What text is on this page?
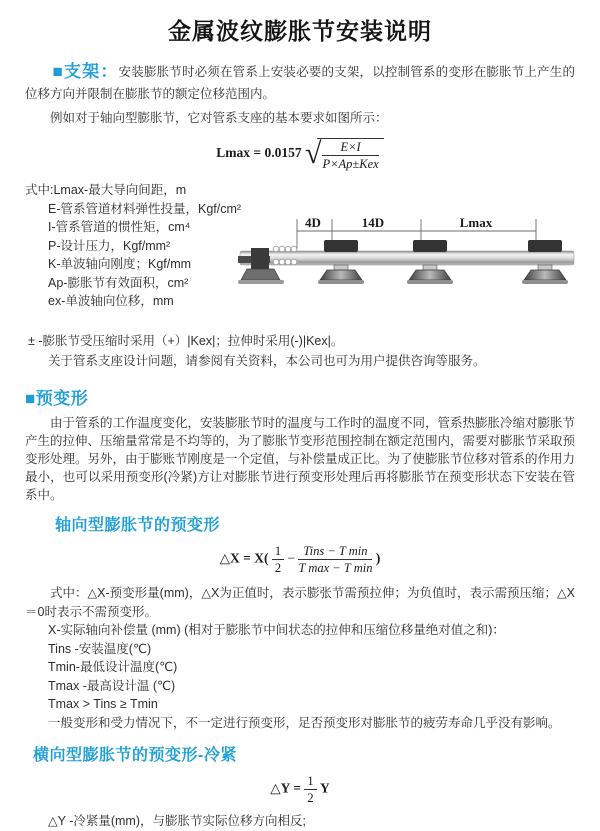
金属波纹膨胀节安装说明

■支架：安装膨胀节时必须在管系上安装必要的支架，以控制管系的变形在膨胀节上产生的位移方向并限制在膨胀节的额定位移范围内。

例如对于轴向型膨胀节，它对管系支座的基本要求如图所示：

Lmax = 0.0157 √ $\frac{E\times I}{\text{P×Ap±Kex}}$
式中:Lmax-最大导向间距，m
E-管系管道材料弹性投量，Kgf/cm²
I-管系管道的惯性矩，cm⁴
P-设计压力，Kgf/mm²
K-单波轴向刚度；Kgf/mm
Ap-膨胀节有效面积，cm²
ex-单波轴向位移，mm
4D	14D	Lmax
± -膨胀节受压缩时采用（+）|Kex|；拉伸时采用(-)|Kex|。
关于管系支座设计问题，请参阅有关资料，本公司也可为用户提供咨询等服务。
■预变形

由于管系的工作温度变化，安装膨胀节时的温度与工作时的温度不同，管系热膨胀冷缩对膨胀节产生的拉伸、压缩量常常是不均等的，为了膨胀节变形范围控制在额定范围内，需要对膨胀节采取预变形处理。另外，由于膨账节刚度是一个定值，与补偿量成正比。为了使膨胀节位移对管系的作用力最小，也可以采用预变形(冷紧)方让对膨胀节进行预变形处理后再将膨胀节在预变形状态下安装在管系中。

轴向型膨胀节的预变形
△X = $X( \frac{1}{2} - \frac{\text{Tins − T min}}{\text{T max − T min}}$ )

式中：△X-预变形量(mm)，△X为正值时，表示膨张节需预拉伸；为负值时，表示需预压缩；△X＝0时表示不需预变形。

X-实际轴向补偿量 (mm) (相对于膨胀节中间状态的拉伸和压缩位移量绝对值之和)：
Tins -安装温度(℃)
Tmin-最低设计温度(℃)
Tmax -最高设计温 (℃)
Tmax > Tins ≥ Tmin
一般变形和受力情况下，不一定进行预变形，足否预变形对膨胀节的疲劳寿命几乎没有影响。
横向型膨胀节的预变形-冷紧
△Y = $\frac{1}{2}$ Y
△Y -冷紧量(mm)，与膨胀节实际位移方向相反;
